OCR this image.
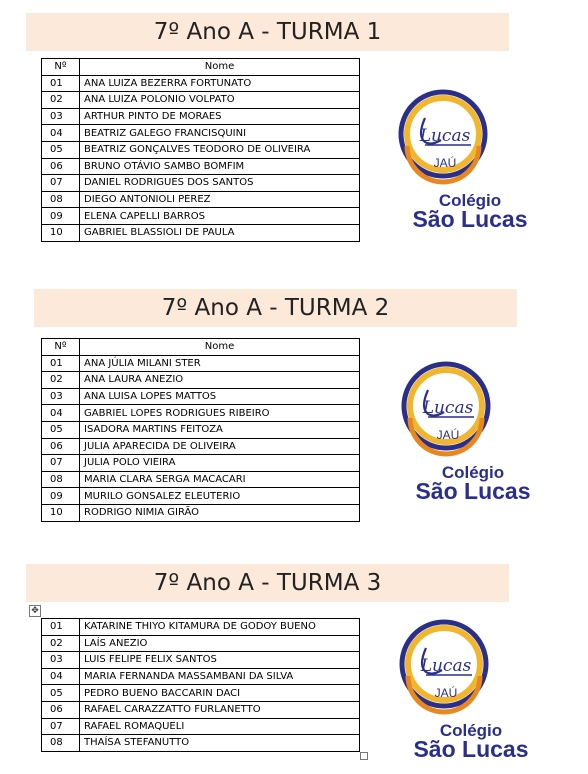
7º Ano A - TURMA 1
Nº	Nome
01	ANA LUIZA BEZERRA FORTUNATO
02	ANA LUIZA POLONIO VOLPATO
03	ARTHUR PINTO DE MORAES
04	BEATRIZ GALEGO FRANCISQUINI
05	BEATRIZ GONÇALVES TEODORO DE OLIVEIRA
06	BRUNO OTÁVIO SAMBO BOMFIM
07	DANIEL RODRIGUES DOS SANTOS
08	DIEGO ANTONIOLI PEREZ
09	ELENA CAPELLI BARROS
10	GABRIEL BLASSIOLI DE PAULA
7º Ano A - TURMA 2
Nº	Nome
01	ANA JÚLIA MILANI STER
02	ANA LAURA ANEZIO
03	ANA LUISA LOPES MATTOS
04	GABRIEL LOPES RODRIGUES RIBEIRO
05	ISADORA MARTINS FEITOZA
06	JULIA APARECIDA DE OLIVEIRA
07	JULIA POLO VIEIRA
08	MARIA CLARA SERGA MACACARI
09	MURILO GONSALEZ ELEUTERIO
10	RODRIGO NIMIA GIRÃO
7º Ano A - TURMA 3
✥
01	KATARINE THIYO KITAMURA DE GODOY BUENO
02	LAÍS ANEZIO
03	LUIS FELIPE FELIX SANTOS
04	MARIA FERNANDA MASSAMBANI DA SILVA
05	PEDRO BUENO BACCARIN DACI
06	RAFAEL CARAZZATTO FURLANETTO
07	RAFAEL ROMAQUELI
08	THAÍSA STEFANUTTO
Lucas
JAÚ
Colégio
São Lucas
Lucas
JAÚ
Colégio
São Lucas
Lucas
JAÚ
Colégio
São Lucas
